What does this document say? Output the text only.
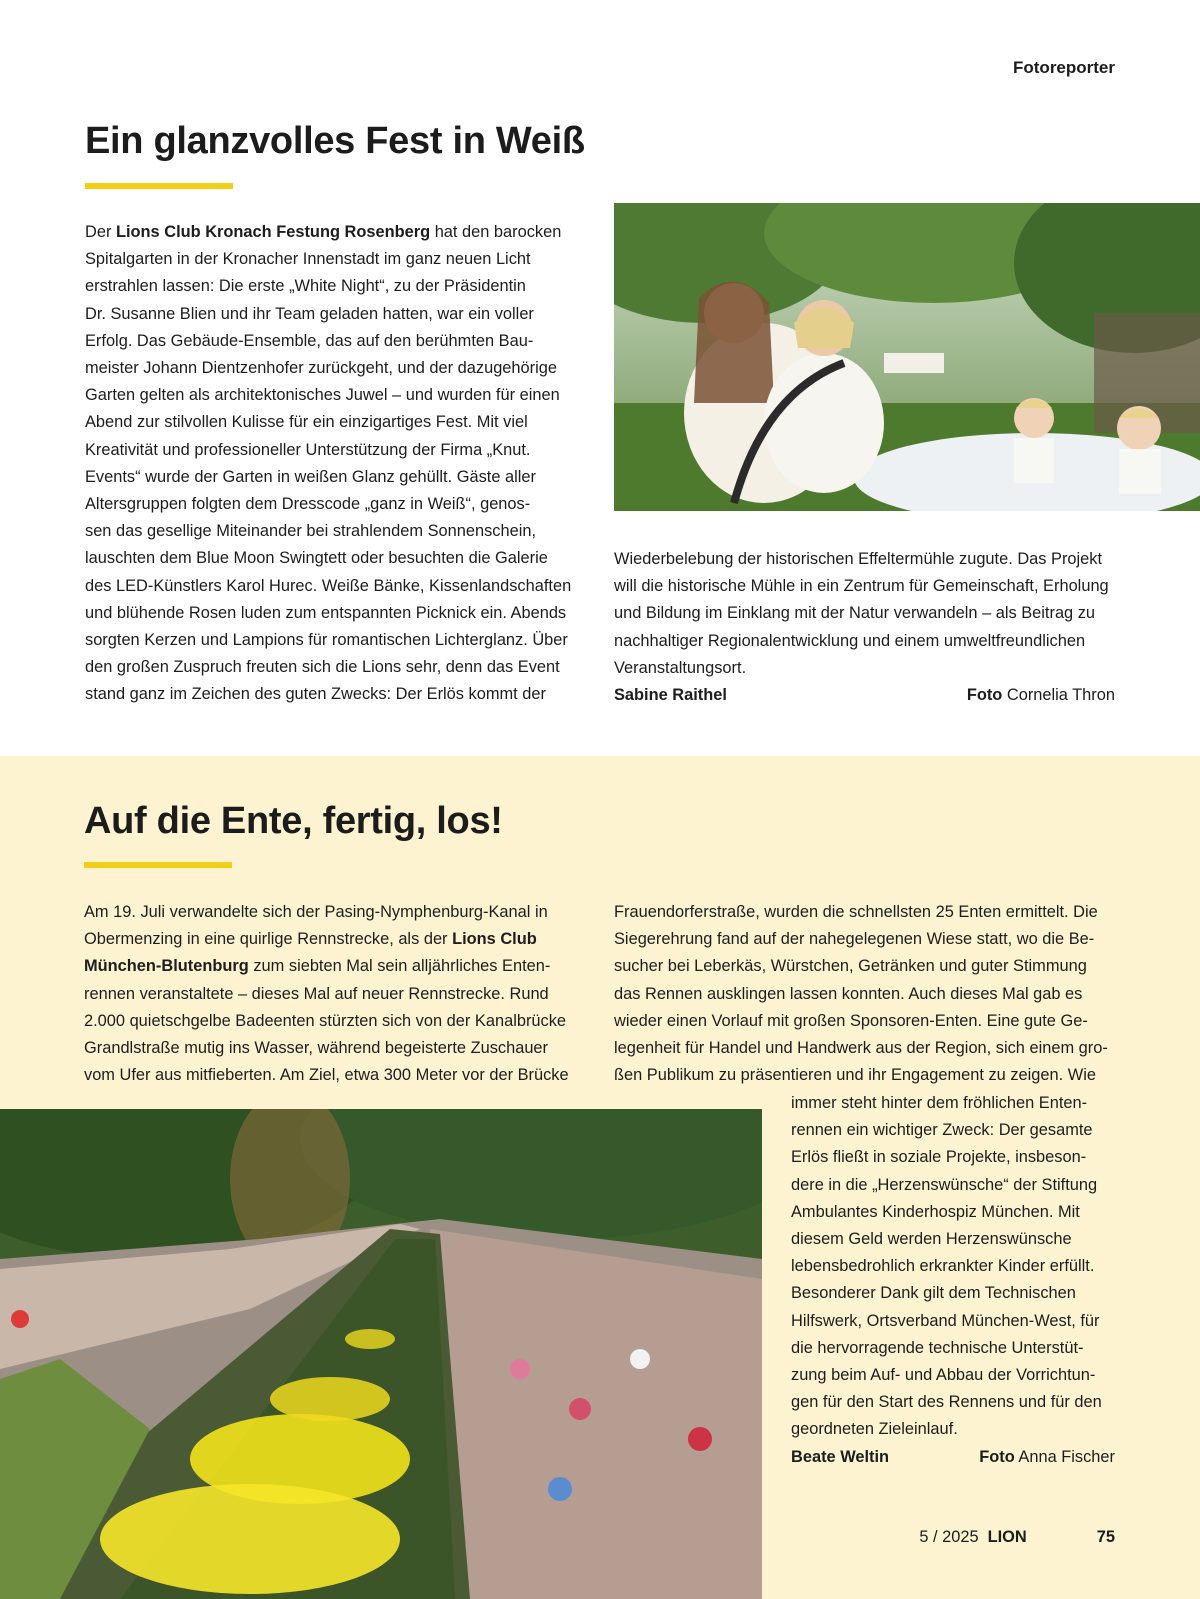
Fotoreporter
Ein glanzvolles Fest in Weiß
Der Lions Club Kronach Festung Rosenberg hat den barocken
Spitalgarten in der Kronacher Innenstadt im ganz neuen Licht
erstrahlen lassen: Die erste „White Night“, zu der Präsidentin
Dr. Susanne Blien und ihr Team geladen hatten, war ein voller
Erfolg. Das Gebäude-Ensemble, das auf den berühmten Bau-
meister Johann Dientzenhofer zurückgeht, und der dazugehörige
Garten gelten als architektonisches Juwel – und wurden für einen
Abend zur stilvollen Kulisse für ein einzigartiges Fest. Mit viel
Kreativität und professioneller Unterstützung der Firma „Knut.
Events“ wurde der Garten in weißen Glanz gehüllt. Gäste aller
Altersgruppen folgten dem Dresscode „ganz in Weiß“, genos-
sen das gesellige Miteinander bei strahlendem Sonnenschein,
lauschten dem Blue Moon Swingtett oder besuchten die Galerie
des LED-Künstlers Karol Hurec. Weiße Bänke, Kissenlandschaften
und blühende Rosen luden zum entspannten Picknick ein. Abends
sorgten Kerzen und Lampions für romantischen Lichterglanz. Über
den großen Zuspruch freuten sich die Lions sehr, denn das Event
stand ganz im Zeichen des guten Zwecks: Der Erlös kommt der
Wiederbelebung der historischen Effeltermühle zugute. Das Projekt
will die historische Mühle in ein Zentrum für Gemeinschaft, Erholung
und Bildung im Einklang mit der Natur verwandeln – als Beitrag zu
nachhaltiger Regionalentwicklung und einem umweltfreundlichen
Veranstaltungsort.
Sabine Raithel	Foto Cornelia Thron
Auf die Ente, fertig, los!
Am 19. Juli verwandelte sich der Pasing-Nymphenburg-Kanal in
Obermenzing in eine quirlige Rennstrecke, als der Lions Club
München-Blutenburg zum siebten Mal sein alljährliches Enten-
rennen veranstaltete – dieses Mal auf neuer Rennstrecke. Rund
2.000 quietschgelbe Badeenten stürzten sich von der Kanalbrücke
Grandlstraße mutig ins Wasser, während begeisterte Zuschauer
vom Ufer aus mitfieberten. Am Ziel, etwa 300 Meter vor der Brücke
Frauendorferstraße, wurden die schnellsten 25 Enten ermittelt. Die
Siegerehrung fand auf der nahegelegenen Wiese statt, wo die Be-
sucher bei Leberkäs, Würstchen, Getränken und guter Stimmung
das Rennen ausklingen lassen konnten. Auch dieses Mal gab es
wieder einen Vorlauf mit großen Sponsoren-Enten. Eine gute Ge-
legenheit für Handel und Handwerk aus der Region, sich einem gro-
ßen Publikum zu präsentieren und ihr Engagement zu zeigen. Wie
immer steht hinter dem fröhlichen Enten-
rennen ein wichtiger Zweck: Der gesamte
Erlös fließt in soziale Projekte, insbeson-
dere in die „Herzenswünsche“ der Stiftung
Ambulantes Kinderhospiz München. Mit
diesem Geld werden Herzenswünsche
lebensbedrohlich erkrankter Kinder erfüllt.
Besonderer Dank gilt dem Technischen
Hilfswerk, Ortsverband München-West, für
die hervorragende technische Unterstüt-
zung beim Auf- und Abbau der Vorrichtun-
gen für den Start des Rennens und für den
geordneten Zieleinlauf.
Beate Weltin	Foto Anna Fischer
5 / 2025 LION	75
